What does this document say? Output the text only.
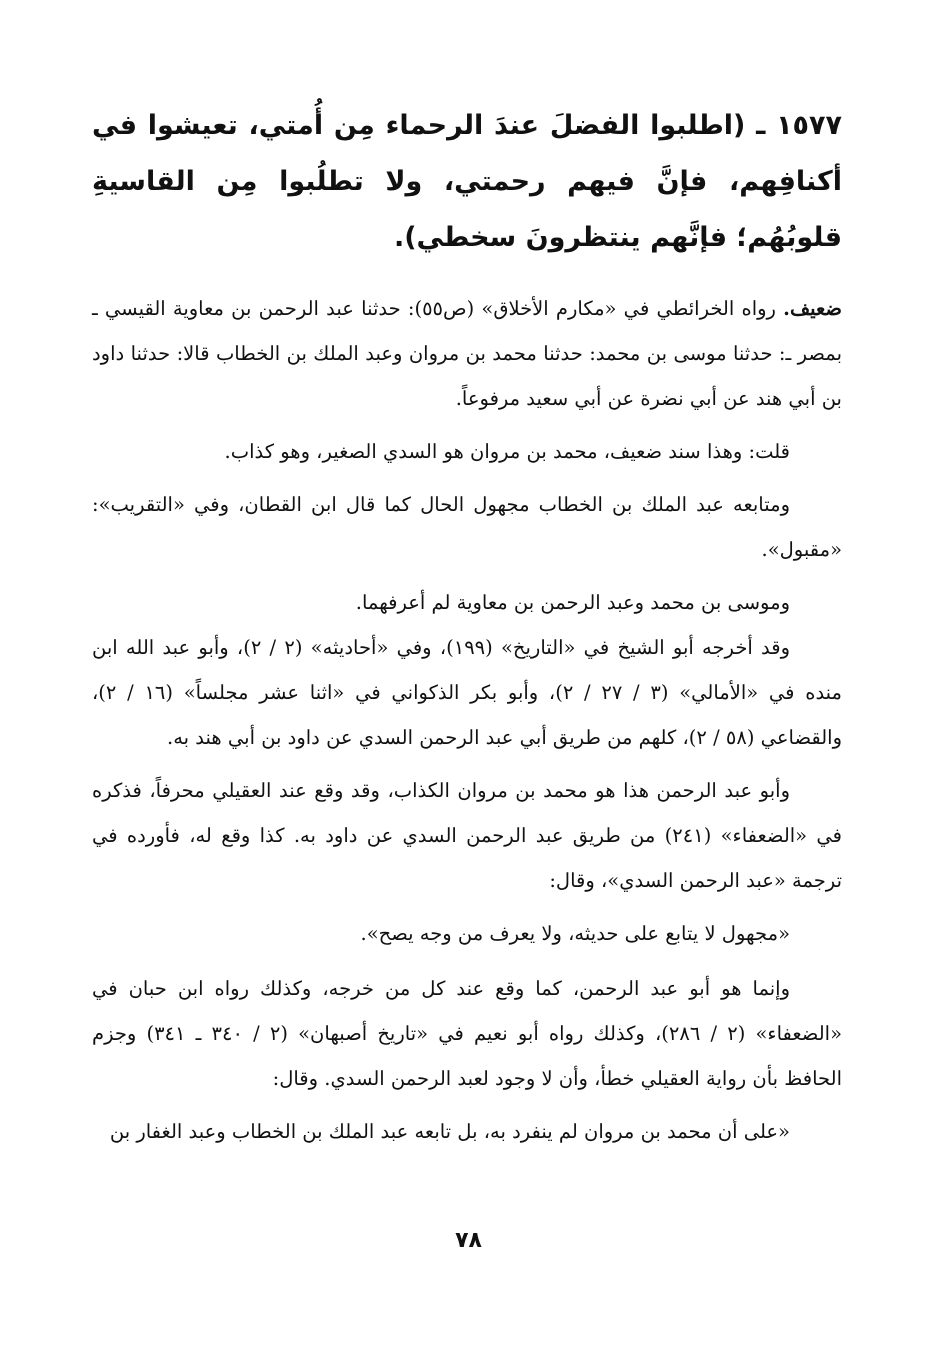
١٥٧٧ ـ (اطلبوا الفضلَ عندَ الرحماء مِن أُمتي، تعيشوا في أكنافِهم، فإنَّ فيهم رحمتي، ولا تطلُبوا مِن القاسيةِ قلوبُهُم؛ فإنَّهم ينتظرونَ سخطي).

ضعيف. رواه الخرائطي في «مكارم الأخلاق» (ص٥٥): حدثنا عبد الرحمن بن معاوية القيسي ـ بمصر ـ: حدثنا موسى بن محمد: حدثنا محمد بن مروان وعبد الملك بن الخطاب قالا: حدثنا داود بن أبي هند عن أبي نضرة عن أبي سعيد مرفوعاً.

قلت: وهذا سند ضعيف، محمد بن مروان هو السدي الصغير، وهو كذاب.

ومتابعه عبد الملك بن الخطاب مجهول الحال كما قال ابن القطان، وفي «التقريب»: «مقبول».

وموسى بن محمد وعبد الرحمن بن معاوية لم أعرفهما.

وقد أخرجه أبو الشيخ في «التاريخ» (١٩٩)، وفي «أحاديثه» (٢ / ٢)، وأبو عبد الله ابن منده في «الأمالي» (٣ / ٢٧ / ٢)، وأبو بكر الذكواني في «اثنا عشر مجلساً» (١٦ / ٢)، والقضاعي (٥٨ / ٢)، كلهم من طريق أبي عبد الرحمن السدي عن داود بن أبي هند به.

وأبو عبد الرحمن هذا هو محمد بن مروان الكذاب، وقد وقع عند العقيلي محرفاً، فذكره في «الضعفاء» (٢٤١) من طريق عبد الرحمن السدي عن داود به. كذا وقع له، فأورده في ترجمة «عبد الرحمن السدي»، وقال:

«مجهول لا يتابع على حديثه، ولا يعرف من وجه يصح».

وإنما هو أبو عبد الرحمن، كما وقع عند كل من خرجه، وكذلك رواه ابن حبان في «الضعفاء» (٢ / ٢٨٦)، وكذلك رواه أبو نعيم في «تاريخ أصبهان» (٢ / ٣٤٠ ـ ٣٤١) وجزم الحافظ بأن رواية العقيلي خطأ، وأن لا وجود لعبد الرحمن السدي. وقال:

«على أن محمد بن مروان لم ينفرد به، بل تابعه عبد الملك بن الخطاب وعبد الغفار بن

٧٨
